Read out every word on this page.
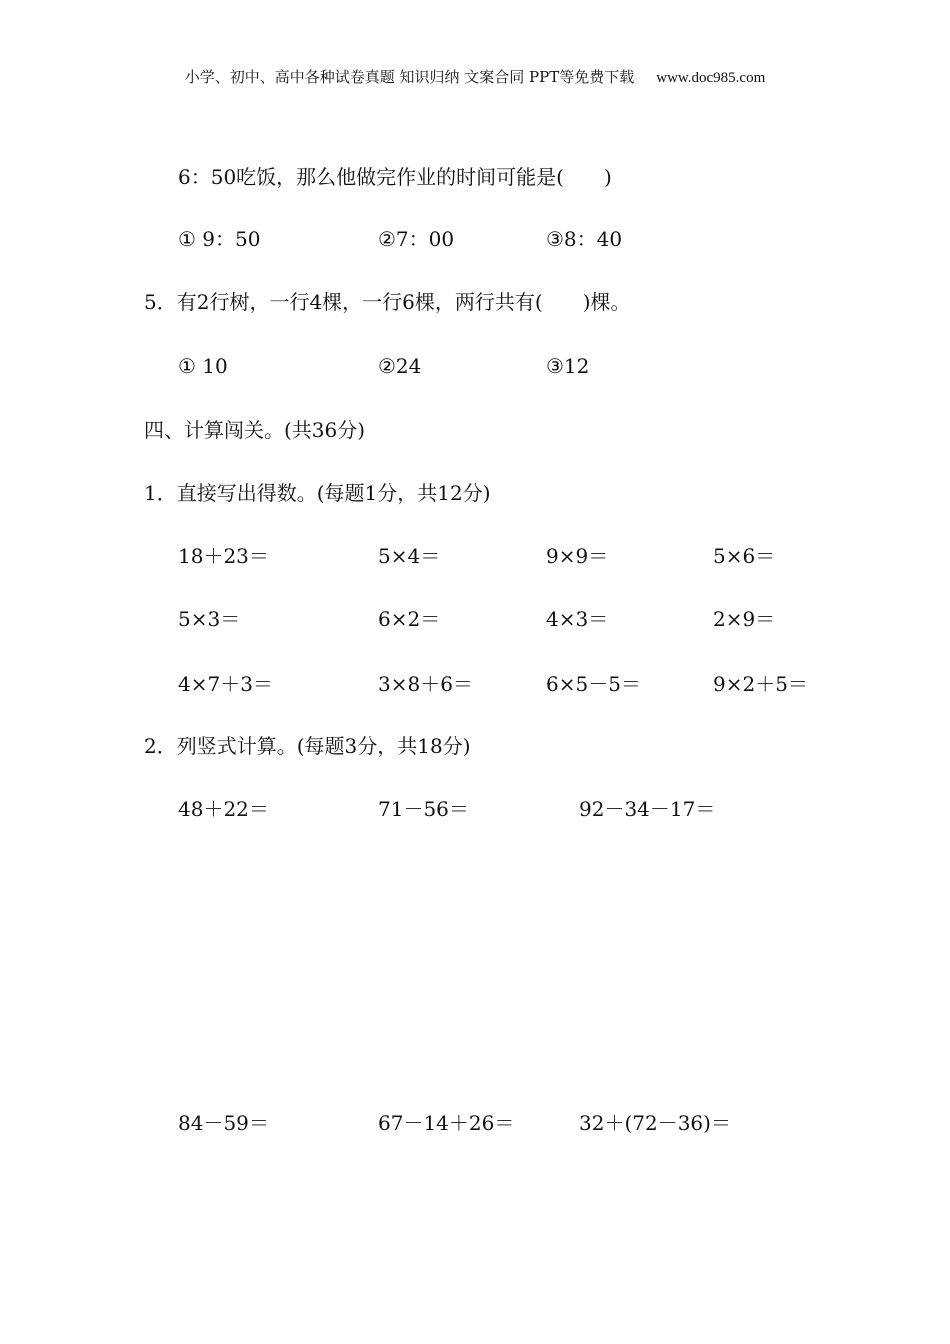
小学、初中、高中各种试卷真题 知识归纳 文案合同 PPT等免费下载 www.doc985.com
6：50吃饭，那么他做完作业的时间可能是(　　)
① 9：50	②7：00	③8：40
5．有2行树，一行4棵，一行6棵，两行共有(　　)棵。
① 10	②24	③12
四、计算闯关。(共36分)
1．直接写出得数。(每题1分，共12分)
18＋23＝	5×4＝	9×9＝	5×6＝
5×3＝	6×2＝	4×3＝	2×9＝
4×7＋3＝	3×8＋6＝	6×5－5＝	9×2＋5＝
2．列竖式计算。(每题3分，共18分)
48＋22＝	71－56＝	92－34－17＝
84－59＝	67－14＋26＝	32＋(72－36)＝
